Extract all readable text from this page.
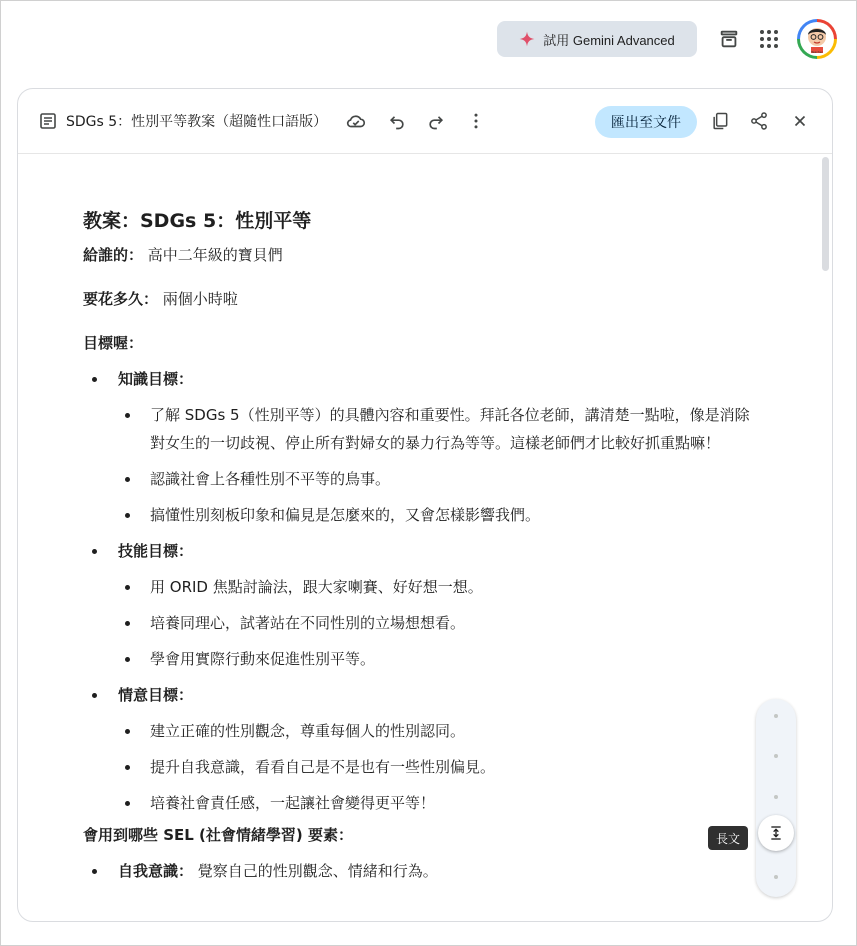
試用 Gemini Advanced
Teacher
SDGs 5：性別平等教案（超隨性口語版）	匯出至文件
教案：SDGs 5：性別平等
給誰的： 高中二年級的寶貝們
要花多久： 兩個小時啦
目標喔：
知識目標：
了解 SDGs 5（性別平等）的具體內容和重要性。拜託各位老師，講清楚一點啦，像是消除對女生的一切歧視、停止所有對婦女的暴力行為等等。這樣老師們才比較好抓重點嘛！
認識社會上各種性別不平等的鳥事。
搞懂性別刻板印象和偏見是怎麼來的，又會怎樣影響我們。
技能目標：
用 ORID 焦點討論法，跟大家喇賽、好好想一想。
培養同理心，試著站在不同性別的立場想想看。
學會用實際行動來促進性別平等。
情意目標：
建立正確的性別觀念，尊重每個人的性別認同。
提升自我意識，看看自己是不是也有一些性別偏見。
培養社會責任感，一起讓社會變得更平等！
會用到哪些 SEL (社會情緒學習) 要素：
自我意識： 覺察自己的性別觀念、情緒和行為。
長文
